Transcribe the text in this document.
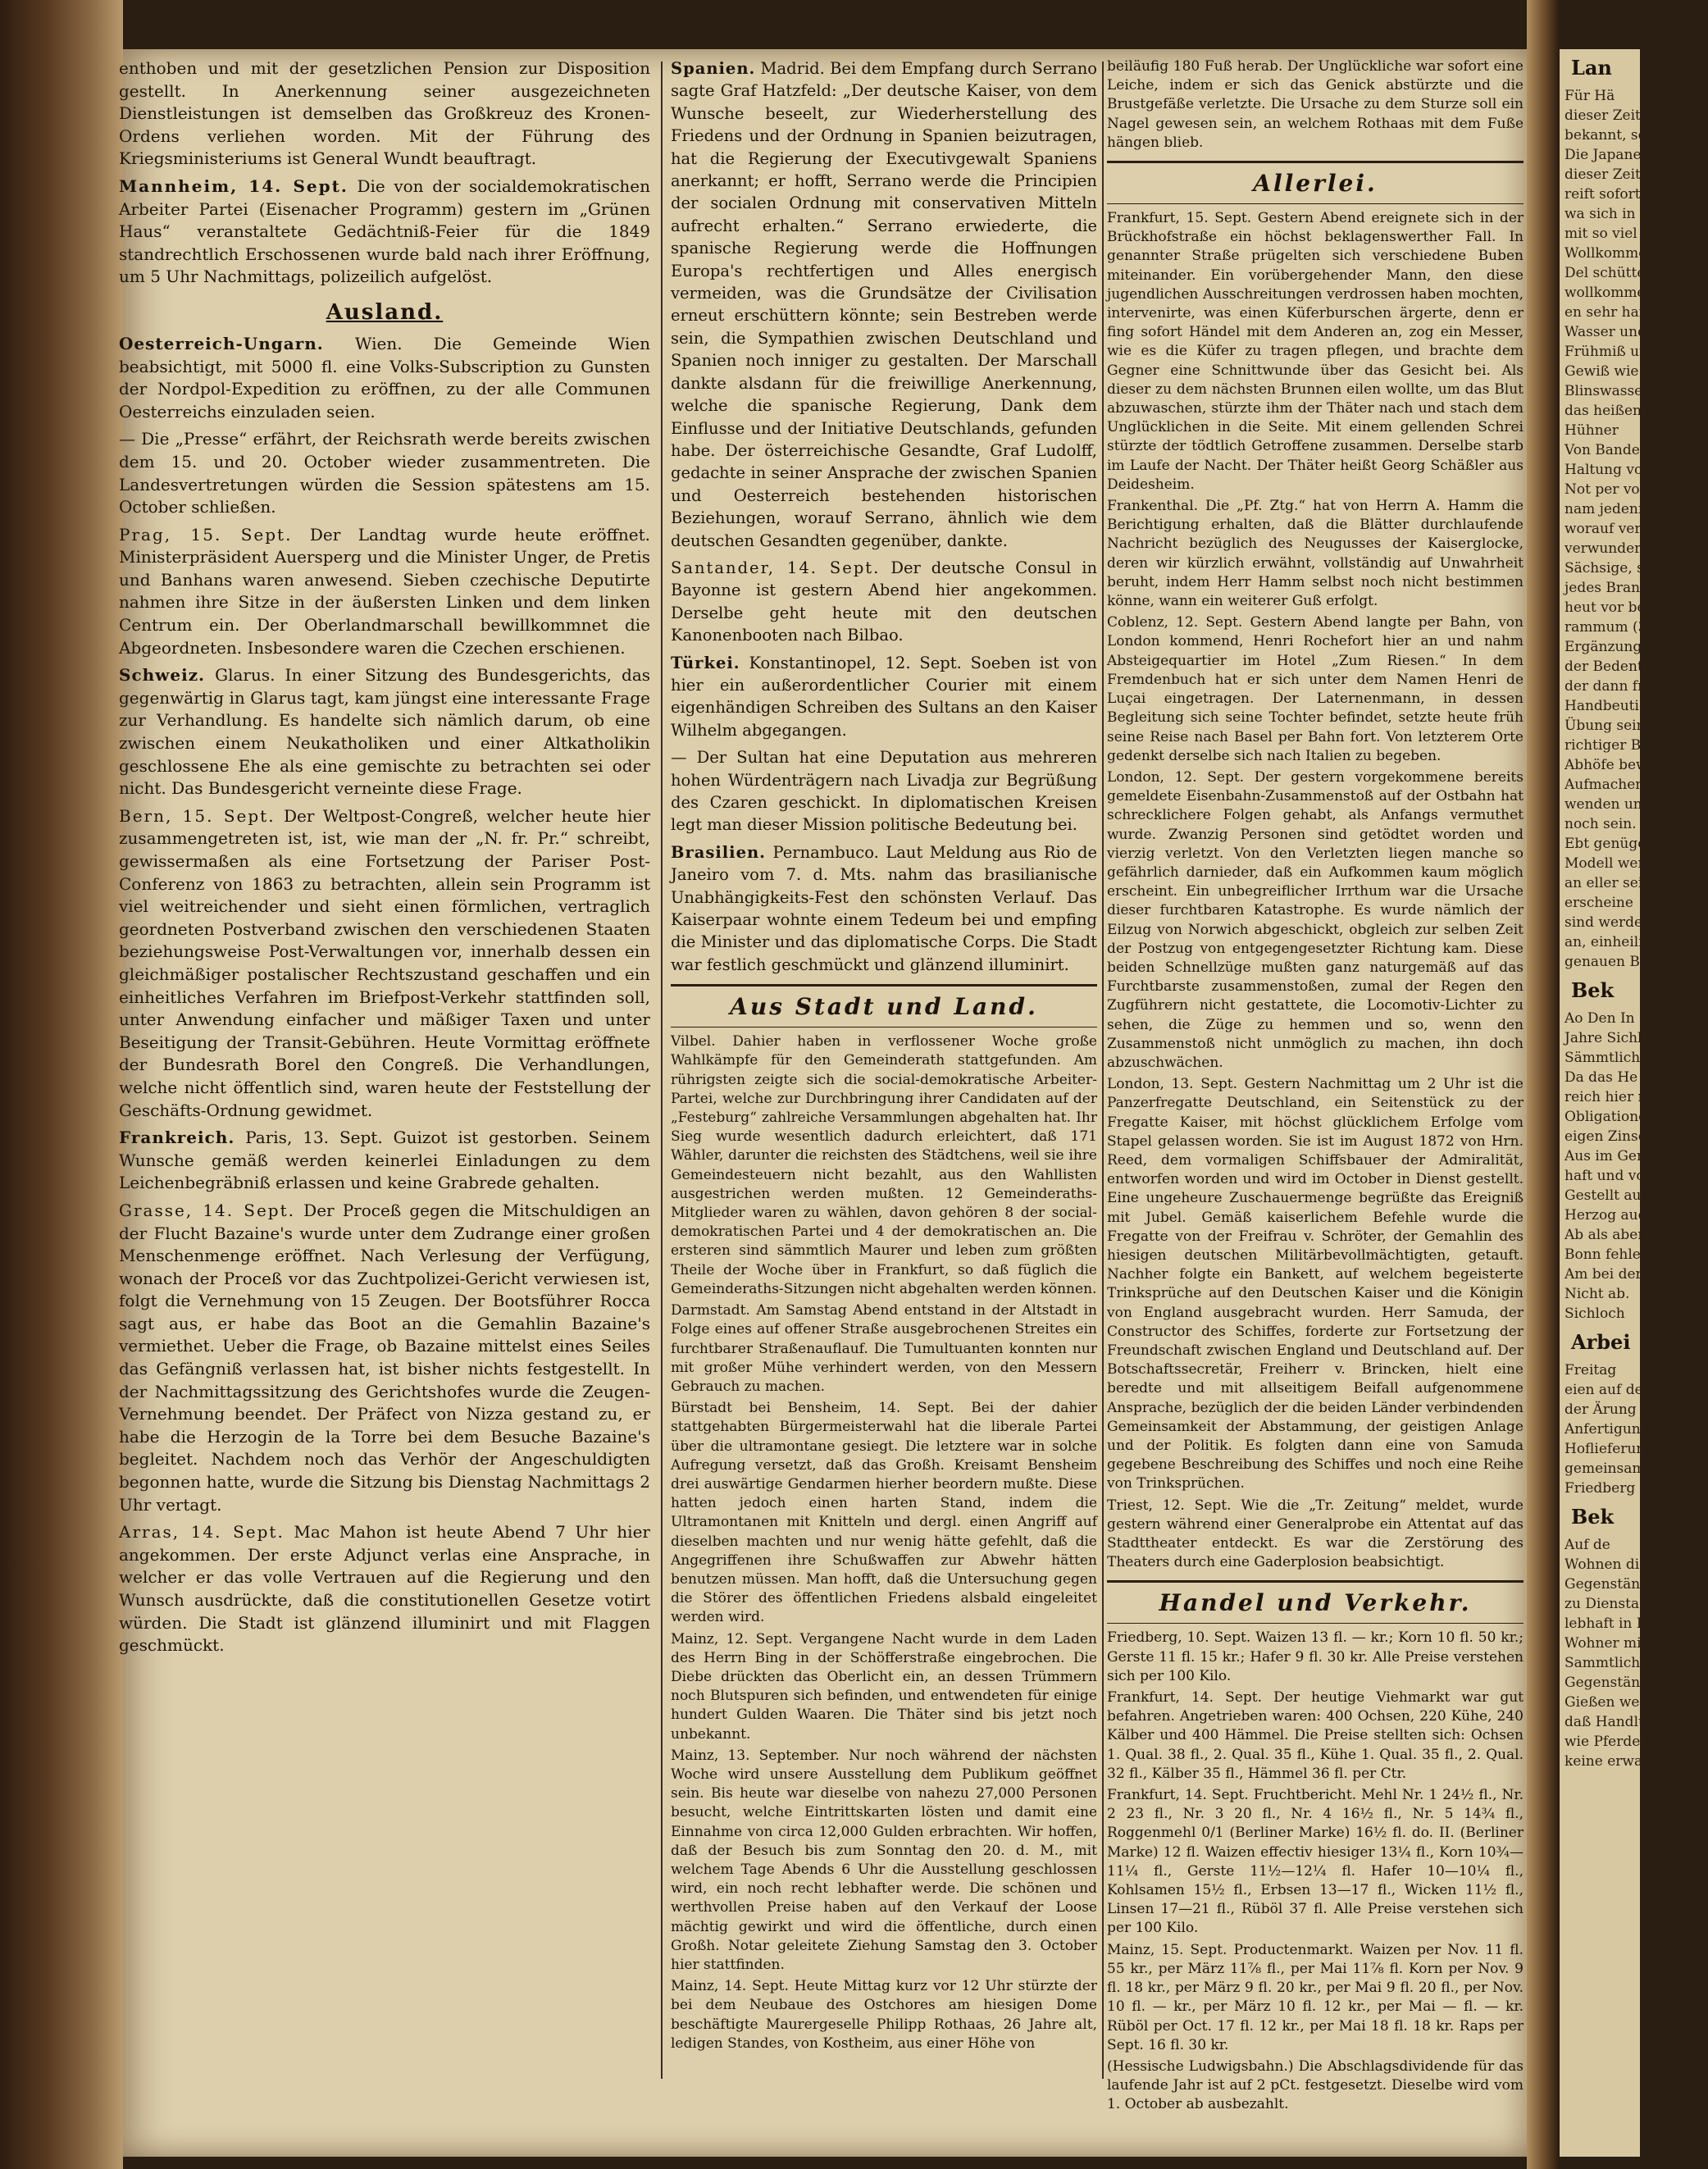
enthoben und mit der gesetzlichen Pension zur Disposition gestellt. In Anerkennung seiner ausgezeichneten Dienstleistungen ist demselben das Großkreuz des Kronen-Ordens verliehen worden. Mit der Führung des Kriegsministeriums ist General Wundt beauftragt.

Mannheim, 14. Sept. Die von der socialdemokratischen Arbeiter Partei (Eisenacher Programm) gestern im „Grünen Haus“ veranstaltete Gedächtniß-Feier für die 1849 standrechtlich Erschossenen wurde bald nach ihrer Eröffnung, um 5 Uhr Nachmittags, polizeilich aufgelöst.

Ausland.

Oesterreich-Ungarn. Wien. Die Gemeinde Wien beabsichtigt, mit 5000 fl. eine Volks-Subscription zu Gunsten der Nordpol-Expedition zu eröffnen, zu der alle Communen Oesterreichs einzuladen seien.

— Die „Presse“ erfährt, der Reichsrath werde bereits zwischen dem 15. und 20. October wieder zusammentreten. Die Landesvertretungen würden die Session spätestens am 15. October schließen.

Prag, 15. Sept. Der Landtag wurde heute eröffnet. Ministerpräsident Auersperg und die Minister Unger, de Pretis und Banhans waren anwesend. Sieben czechische Deputirte nahmen ihre Sitze in der äußersten Linken und dem linken Centrum ein. Der Oberlandmarschall bewillkommnet die Abgeordneten. Insbesondere waren die Czechen erschienen.

Schweiz. Glarus. In einer Sitzung des Bundesgerichts, das gegenwärtig in Glarus tagt, kam jüngst eine interessante Frage zur Verhandlung. Es handelte sich nämlich darum, ob eine zwischen einem Neukatholiken und einer Altkatholikin geschlossene Ehe als eine gemischte zu betrachten sei oder nicht. Das Bundesgericht verneinte diese Frage.

Bern, 15. Sept. Der Weltpost-Congreß, welcher heute hier zusammengetreten ist, ist, wie man der „N. fr. Pr.“ schreibt, gewissermaßen als eine Fortsetzung der Pariser Post-Conferenz von 1863 zu betrachten, allein sein Programm ist viel weitreichender und sieht einen förmlichen, vertraglich geordneten Postverband zwischen den verschiedenen Staaten beziehungsweise Post-Verwaltungen vor, innerhalb dessen ein gleichmäßiger postalischer Rechtszustand geschaffen und ein einheitliches Verfahren im Briefpost-Verkehr stattfinden soll, unter Anwendung einfacher und mäßiger Taxen und unter Beseitigung der Transit-Gebühren. Heute Vormittag eröffnete der Bundesrath Borel den Congreß. Die Verhandlungen, welche nicht öffentlich sind, waren heute der Feststellung der Geschäfts-Ordnung gewidmet.

Frankreich. Paris, 13. Sept. Guizot ist gestorben. Seinem Wunsche gemäß werden keinerlei Einladungen zu dem Leichenbegräbniß erlassen und keine Grabrede gehalten.

Grasse, 14. Sept. Der Proceß gegen die Mitschuldigen an der Flucht Bazaine's wurde unter dem Zudrange einer großen Menschenmenge eröffnet. Nach Verlesung der Verfügung, wonach der Proceß vor das Zuchtpolizei-Gericht verwiesen ist, folgt die Vernehmung von 15 Zeugen. Der Bootsführer Rocca sagt aus, er habe das Boot an die Gemahlin Bazaine's vermiethet. Ueber die Frage, ob Bazaine mittelst eines Seiles das Gefängniß verlassen hat, ist bisher nichts festgestellt. In der Nachmittagssitzung des Gerichtshofes wurde die Zeugen-Vernehmung beendet. Der Präfect von Nizza gestand zu, er habe die Herzogin de la Torre bei dem Besuche Bazaine's begleitet. Nachdem noch das Verhör der Angeschuldigten begonnen hatte, wurde die Sitzung bis Dienstag Nachmittags 2 Uhr vertagt.

Arras, 14. Sept. Mac Mahon ist heute Abend 7 Uhr hier angekommen. Der erste Adjunct verlas eine Ansprache, in welcher er das volle Vertrauen auf die Regierung und den Wunsch ausdrückte, daß die constitutionellen Gesetze votirt würden. Die Stadt ist glänzend illuminirt und mit Flaggen geschmückt.

Spanien. Madrid. Bei dem Empfang durch Serrano sagte Graf Hatzfeld: „Der deutsche Kaiser, von dem Wunsche beseelt, zur Wiederherstellung des Friedens und der Ordnung in Spanien beizutragen, hat die Regierung der Executivgewalt Spaniens anerkannt; er hofft, Serrano werde die Principien der socialen Ordnung mit conservativen Mitteln aufrecht erhalten.“ Serrano erwiederte, die spanische Regierung werde die Hoffnungen Europa's rechtfertigen und Alles energisch vermeiden, was die Grundsätze der Civilisation erneut erschüttern könnte; sein Bestreben werde sein, die Sympathien zwischen Deutschland und Spanien noch inniger zu gestalten. Der Marschall dankte alsdann für die freiwillige Anerkennung, welche die spanische Regierung, Dank dem Einflusse und der Initiative Deutschlands, gefunden habe. Der österreichische Gesandte, Graf Ludolff, gedachte in seiner Ansprache der zwischen Spanien und Oesterreich bestehenden historischen Beziehungen, worauf Serrano, ähnlich wie dem deutschen Gesandten gegenüber, dankte.

Santander, 14. Sept. Der deutsche Consul in Bayonne ist gestern Abend hier angekommen. Derselbe geht heute mit den deutschen Kanonenbooten nach Bilbao.

Türkei. Konstantinopel, 12. Sept. Soeben ist von hier ein außerordentlicher Courier mit einem eigenhändigen Schreiben des Sultans an den Kaiser Wilhelm abgegangen.

— Der Sultan hat eine Deputation aus mehreren hohen Würdenträgern nach Livadja zur Begrüßung des Czaren geschickt. In diplomatischen Kreisen legt man dieser Mission politische Bedeutung bei.

Brasilien. Pernambuco. Laut Meldung aus Rio de Janeiro vom 7. d. Mts. nahm das brasilianische Unabhängigkeits-Fest den schönsten Verlauf. Das Kaiserpaar wohnte einem Tedeum bei und empfing die Minister und das diplomatische Corps. Die Stadt war festlich geschmückt und glänzend illuminirt.

Aus Stadt und Land.

Vilbel. Dahier haben in verflossener Woche große Wahlkämpfe für den Gemeinderath stattgefunden. Am rührigsten zeigte sich die social-demokratische Arbeiter-Partei, welche zur Durchbringung ihrer Candidaten auf der „Festeburg“ zahlreiche Versammlungen abgehalten hat. Ihr Sieg wurde wesentlich dadurch erleichtert, daß 171 Wähler, darunter die reichsten des Städtchens, weil sie ihre Gemeindesteuern nicht bezahlt, aus den Wahllisten ausgestrichen werden mußten. 12 Gemeinderaths-Mitglieder waren zu wählen, davon gehören 8 der social-demokratischen Partei und 4 der demokratischen an. Die ersteren sind sämmtlich Maurer und leben zum größten Theile der Woche über in Frankfurt, so daß füglich die Gemeinderaths-Sitzungen nicht abgehalten werden können.

Darmstadt. Am Samstag Abend entstand in der Altstadt in Folge eines auf offener Straße ausgebrochenen Streites ein furchtbarer Straßenauflauf. Die Tumultuanten konnten nur mit großer Mühe verhindert werden, von den Messern Gebrauch zu machen.

Bürstadt bei Bensheim, 14. Sept. Bei der dahier stattgehabten Bürgermeisterwahl hat die liberale Partei über die ultramontane gesiegt. Die letztere war in solche Aufregung versetzt, daß das Großh. Kreisamt Bensheim drei auswärtige Gendarmen hierher beordern mußte. Diese hatten jedoch einen harten Stand, indem die Ultramontanen mit Knitteln und dergl. einen Angriff auf dieselben machten und nur wenig hätte gefehlt, daß die Angegriffenen ihre Schußwaffen zur Abwehr hätten benutzen müssen. Man hofft, daß die Untersuchung gegen die Störer des öffentlichen Friedens alsbald eingeleitet werden wird.

Mainz, 12. Sept. Vergangene Nacht wurde in dem Laden des Herrn Bing in der Schöfferstraße eingebrochen. Die Diebe drückten das Oberlicht ein, an dessen Trümmern noch Blutspuren sich befinden, und entwendeten für einige hundert Gulden Waaren. Die Thäter sind bis jetzt noch unbekannt.

Mainz, 13. September. Nur noch während der nächsten Woche wird unsere Ausstellung dem Publikum geöffnet sein. Bis heute war dieselbe von nahezu 27,000 Personen besucht, welche Eintrittskarten lösten und damit eine Einnahme von circa 12,000 Gulden erbrachten. Wir hoffen, daß der Besuch bis zum Sonntag den 20. d. M., mit welchem Tage Abends 6 Uhr die Ausstellung geschlossen wird, ein noch recht lebhafter werde. Die schönen und werthvollen Preise haben auf den Verkauf der Loose mächtig gewirkt und wird die öffentliche, durch einen Großh. Notar geleitete Ziehung Samstag den 3. October hier stattfinden.

Mainz, 14. Sept. Heute Mittag kurz vor 12 Uhr stürzte der bei dem Neubaue des Ostchores am hiesigen Dome beschäftigte Maurergeselle Philipp Rothaas, 26 Jahre alt, ledigen Standes, von Kostheim, aus einer Höhe von

beiläufig 180 Fuß herab. Der Unglückliche war sofort eine Leiche, indem er sich das Genick abstürzte und die Brustgefäße verletzte. Die Ursache zu dem Sturze soll ein Nagel gewesen sein, an welchem Rothaas mit dem Fuße hängen blieb.

Allerlei.

Frankfurt, 15. Sept. Gestern Abend ereignete sich in der Brückhofstraße ein höchst beklagenswerther Fall. In genannter Straße prügelten sich verschiedene Buben miteinander. Ein vorübergehender Mann, den diese jugendlichen Ausschreitungen verdrossen haben mochten, intervenirte, was einen Küferburschen ärgerte, denn er fing sofort Händel mit dem Anderen an, zog ein Messer, wie es die Küfer zu tragen pflegen, und brachte dem Gegner eine Schnittwunde über das Gesicht bei. Als dieser zu dem nächsten Brunnen eilen wollte, um das Blut abzuwaschen, stürzte ihm der Thäter nach und stach dem Unglücklichen in die Seite. Mit einem gellenden Schrei stürzte der tödtlich Getroffene zusammen. Derselbe starb im Laufe der Nacht. Der Thäter heißt Georg Schäßler aus Deidesheim.

Frankenthal. Die „Pf. Ztg.“ hat von Herrn A. Hamm die Berichtigung erhalten, daß die Blätter durchlaufende Nachricht bezüglich des Neugusses der Kaiserglocke, deren wir kürzlich erwähnt, vollständig auf Unwahrheit beruht, indem Herr Hamm selbst noch nicht bestimmen könne, wann ein weiterer Guß erfolgt.

Coblenz, 12. Sept. Gestern Abend langte per Bahn, von London kommend, Henri Rochefort hier an und nahm Absteigequartier im Hotel „Zum Riesen.“ In dem Fremdenbuch hat er sich unter dem Namen Henri de Luçai eingetragen. Der Laternenmann, in dessen Begleitung sich seine Tochter befindet, setzte heute früh seine Reise nach Basel per Bahn fort. Von letzterem Orte gedenkt derselbe sich nach Italien zu begeben.

London, 12. Sept. Der gestern vorgekommene bereits gemeldete Eisenbahn-Zusammenstoß auf der Ostbahn hat schrecklichere Folgen gehabt, als Anfangs vermuthet wurde. Zwanzig Personen sind getödtet worden und vierzig verletzt. Von den Verletzten liegen manche so gefährlich darnieder, daß ein Aufkommen kaum möglich erscheint. Ein unbegreiflicher Irrthum war die Ursache dieser furchtbaren Katastrophe. Es wurde nämlich der Eilzug von Norwich abgeschickt, obgleich zur selben Zeit der Postzug von entgegengesetzter Richtung kam. Diese beiden Schnellzüge mußten ganz naturgemäß auf das Furchtbarste zusammenstoßen, zumal der Regen den Zugführern nicht gestattete, die Locomotiv-Lichter zu sehen, die Züge zu hemmen und so, wenn den Zusammenstoß nicht unmöglich zu machen, ihn doch abzuschwächen.

London, 13. Sept. Gestern Nachmittag um 2 Uhr ist die Panzerfregatte Deutschland, ein Seitenstück zu der Fregatte Kaiser, mit höchst glücklichem Erfolge vom Stapel gelassen worden. Sie ist im August 1872 von Hrn. Reed, dem vormaligen Schiffsbauer der Admiralität, entworfen worden und wird im October in Dienst gestellt. Eine ungeheure Zuschauermenge begrüßte das Ereigniß mit Jubel. Gemäß kaiserlichem Befehle wurde die Fregatte von der Freifrau v. Schröter, der Gemahlin des hiesigen deutschen Militärbevollmächtigten, getauft. Nachher folgte ein Bankett, auf welchem begeisterte Trinksprüche auf den Deutschen Kaiser und die Königin von England ausgebracht wurden. Herr Samuda, der Constructor des Schiffes, forderte zur Fortsetzung der Freundschaft zwischen England und Deutschland auf. Der Botschaftssecretär, Freiherr v. Brincken, hielt eine beredte und mit allseitigem Beifall aufgenommene Ansprache, bezüglich der die beiden Länder verbindenden Gemeinsamkeit der Abstammung, der geistigen Anlage und der Politik. Es folgten dann eine von Samuda gegebene Beschreibung des Schiffes und noch eine Reihe von Trinksprüchen.

Triest, 12. Sept. Wie die „Tr. Zeitung“ meldet, wurde gestern während einer Generalprobe ein Attentat auf das Stadttheater entdeckt. Es war die Zerstörung des Theaters durch eine Gaderplosion beabsichtigt.

Handel und Verkehr.

Friedberg, 10. Sept. Waizen 13 fl. — kr.; Korn 10 fl. 50 kr.; Gerste 11 fl. 15 kr.; Hafer 9 fl. 30 kr. Alle Preise verstehen sich per 100 Kilo.

Frankfurt, 14. Sept. Der heutige Viehmarkt war gut befahren. Angetrieben waren: 400 Ochsen, 220 Kühe, 240 Kälber und 400 Hämmel. Die Preise stellten sich: Ochsen 1. Qual. 38 fl., 2. Qual. 35 fl., Kühe 1. Qual. 35 fl., 2. Qual. 32 fl., Kälber 35 fl., Hämmel 36 fl. per Ctr.

Frankfurt, 14. Sept. Fruchtbericht. Mehl Nr. 1 24½ fl., Nr. 2 23 fl., Nr. 3 20 fl., Nr. 4 16½ fl., Nr. 5 14¾ fl., Roggenmehl 0/1 (Berliner Marke) 16½ fl. do. II. (Berliner Marke) 12 fl. Waizen effectiv hiesiger 13¼ fl., Korn 10¾—11¼ fl., Gerste 11½—12¼ fl. Hafer 10—10¼ fl., Kohlsamen 15½ fl., Erbsen 13—17 fl., Wicken 11½ fl., Linsen 17—21 fl., Rüböl 37 fl. Alle Preise verstehen sich per 100 Kilo.

Mainz, 15. Sept. Productenmarkt. Waizen per Nov. 11 fl. 55 kr., per März 11⅞ fl., per Mai 11⅞ fl. Korn per Nov. 9 fl. 18 kr., per März 9 fl. 20 kr., per Mai 9 fl. 20 fl., per Nov. 10 fl. — kr., per März 10 fl. 12 kr., per Mai — fl. — kr. Rüböl per Oct. 17 fl. 12 kr., per Mai 18 fl. 18 kr. Raps per Sept. 16 fl. 30 kr.

(Hessische Ludwigsbahn.) Die Abschlagsdividende für das laufende Jahr ist auf 2 pCt. festgesetzt. Dieselbe wird vom 1. October ab ausbezahlt.

Lan
Für Hä
dieser Zeitung
bekannt, sofort
Die Japanese
dieser Zeitung
reift sofort zu
wa sich in die
mit so viel Wa
Wollkommen ge
Del schüttet.
wollkommen ge
en sehr hart
Wasser und
Frühmiß und
Gewiß wie vielleicht
Blinswasser hat
das heißen B
Hühner
Von Bandestag
Haltung von
Not per von
nam jedenfall
worauf vermwe
verwundert, ir
Sächsige, sowohl
jedes Branche
heut vor bestätigt
rammum (3 b
Ergänzung und
der Bedentend
der dann frankf
Handbeutiges
Übung seines
richtiger B
Abhöfe bewesene
Aufmachen
wenden und
noch sein.
Ebt genügen,
Modell werden
an eller sein
erscheine
sind werden,
an, einheiliche
genauen Beh
Bek
Ao Den In
Jahre Sichloch
Sämmtlich zur
Da das He
reich hier m
Obligationen fre
eigen Zinsen
Aus im Gemeinde
haft und vor
Gestellt aus
Herzog auch vor
Ab als aber Ge
Bonn fehlen
Am bei der
Nicht ab.
Sichloch
Arbei
Freitag
eien auf dem
der Ärung der
Anfertigung
Hoflieferungs
gemeinsame
Friedberg
Bek
Auf de
Wohnen die 21
Gegenstände zur
zu Dienstag
lebhaft in Lang
Wohner mit s
Sammtliche R
Gegenstände K
Gießen werde
daß Handlung
wie Pferde und
keine erwartet
